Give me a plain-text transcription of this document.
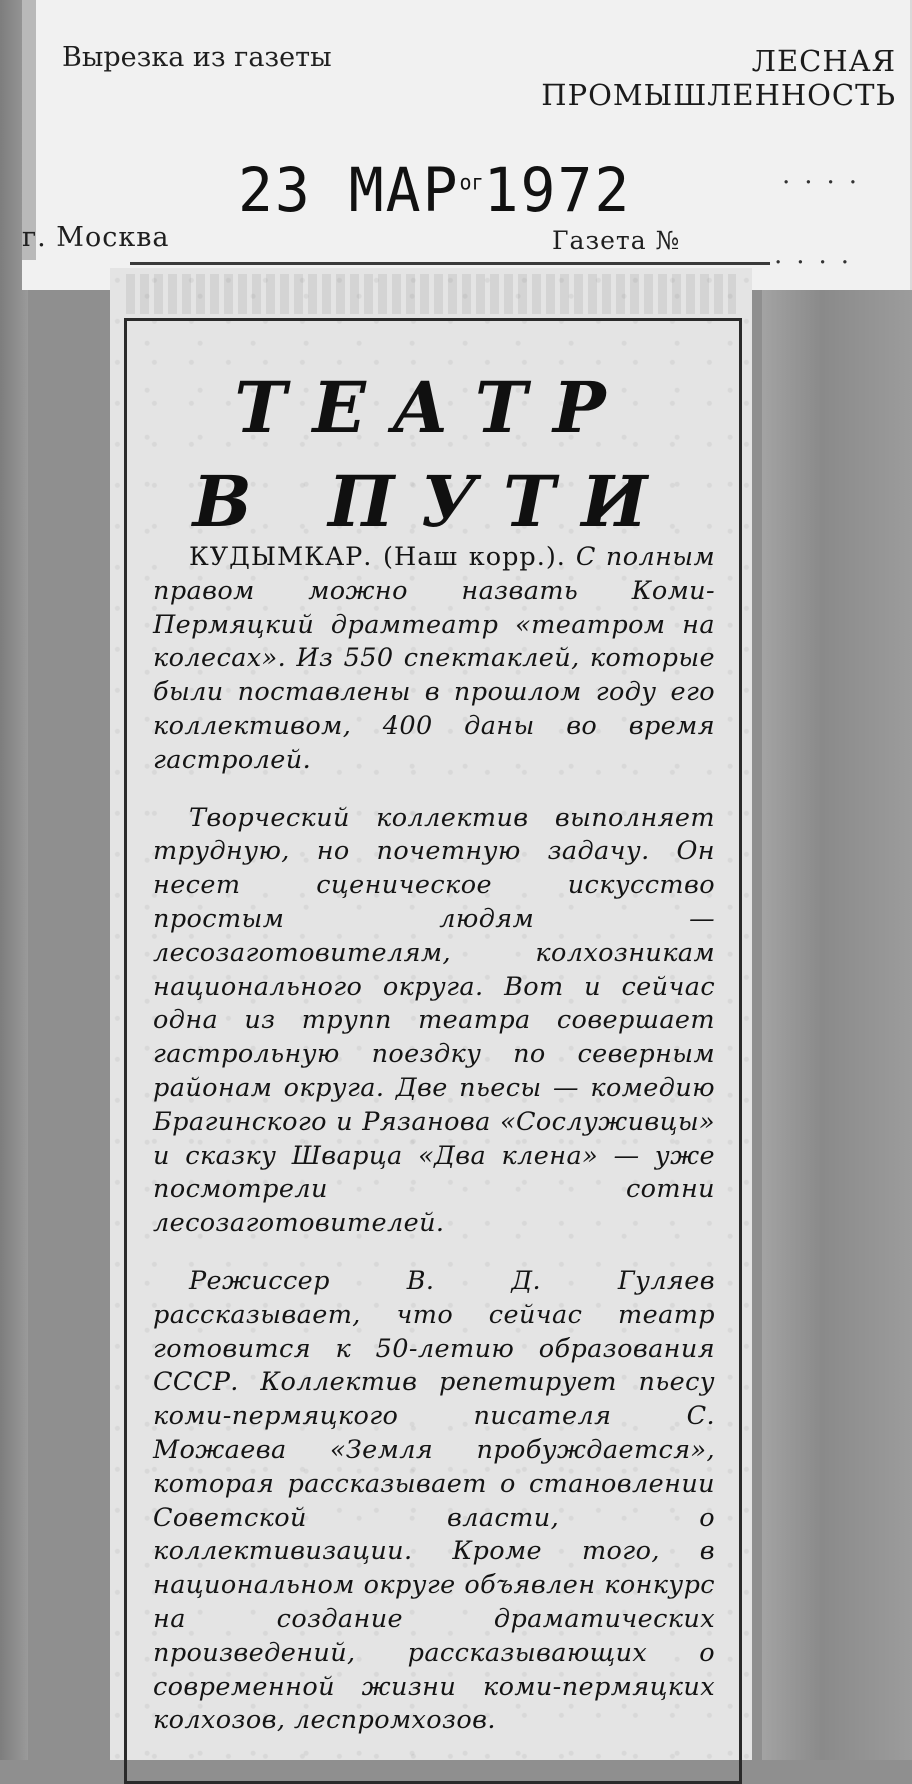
Вырезка из газеты	ЛЕСНАЯ
ПРОМЫШЛЕННОСТЬ
23 $МАР^{ог}1972$	....
г. Москва	Газета №	....
ТЕАТР
В ПУТИ

КУДЫМКАР. (Наш корр.). С полным правом можно назвать Коми-Пермяцкий драмтеатр «театром на колесах». Из 550 спектаклей, которые были поставлены в прошлом году его коллективом, 400 даны во время гастролей.

Творческий коллектив выполняет трудную, но почетную задачу. Он несет сценическое искусство простым людям — лесозаготовителям, колхозникам национального округа. Вот и сейчас одна из трупп театра совершает гастрольную поездку по северным районам округа. Две пьесы — комедию Брагинского и Рязанова «Сослуживцы» и сказку Шварца «Два клена» — уже посмотрели сотни лесозаготовителей.

Режиссер В. Д. Гуляев рассказывает, что сейчас театр готовится к 50-летию образования СССР. Коллектив репетирует пьесу коми-пермяцкого писателя С. Можаева «Земля пробуждается», которая рассказывает о становлении Советской власти, о коллективизации. Кроме того, в национальном округе объявлен конкурс на создание драматических произведений, рассказывающих о современной жизни коми-пермяцких колхозов, леспромхозов.
